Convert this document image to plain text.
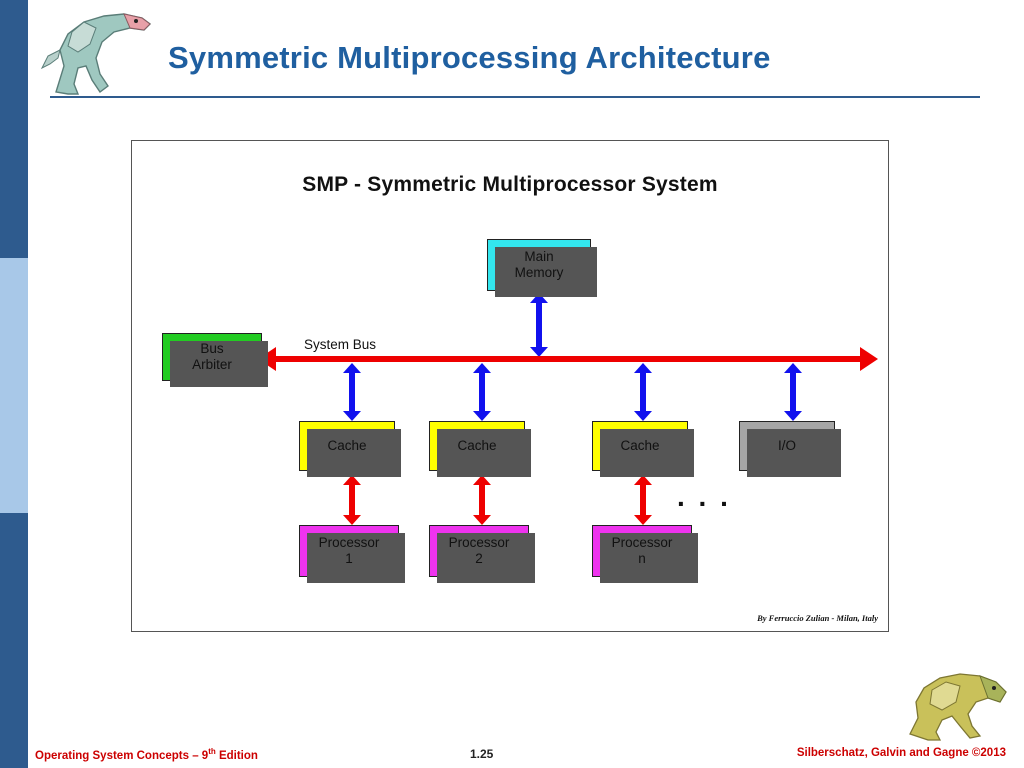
Symmetric Multiprocessing Architecture
SMP - Symmetric Multiprocessor System
Main
Memory
Bus
Arbiter
System Bus
Cache	Cache	Cache	I/O
. . .
Processor
1
Processor
2
Processor
n
By Ferruccio Zulian - Milan, Italy
Operating System Concepts – 9th Edition	1.25	Silberschatz, Galvin and Gagne ©2013
